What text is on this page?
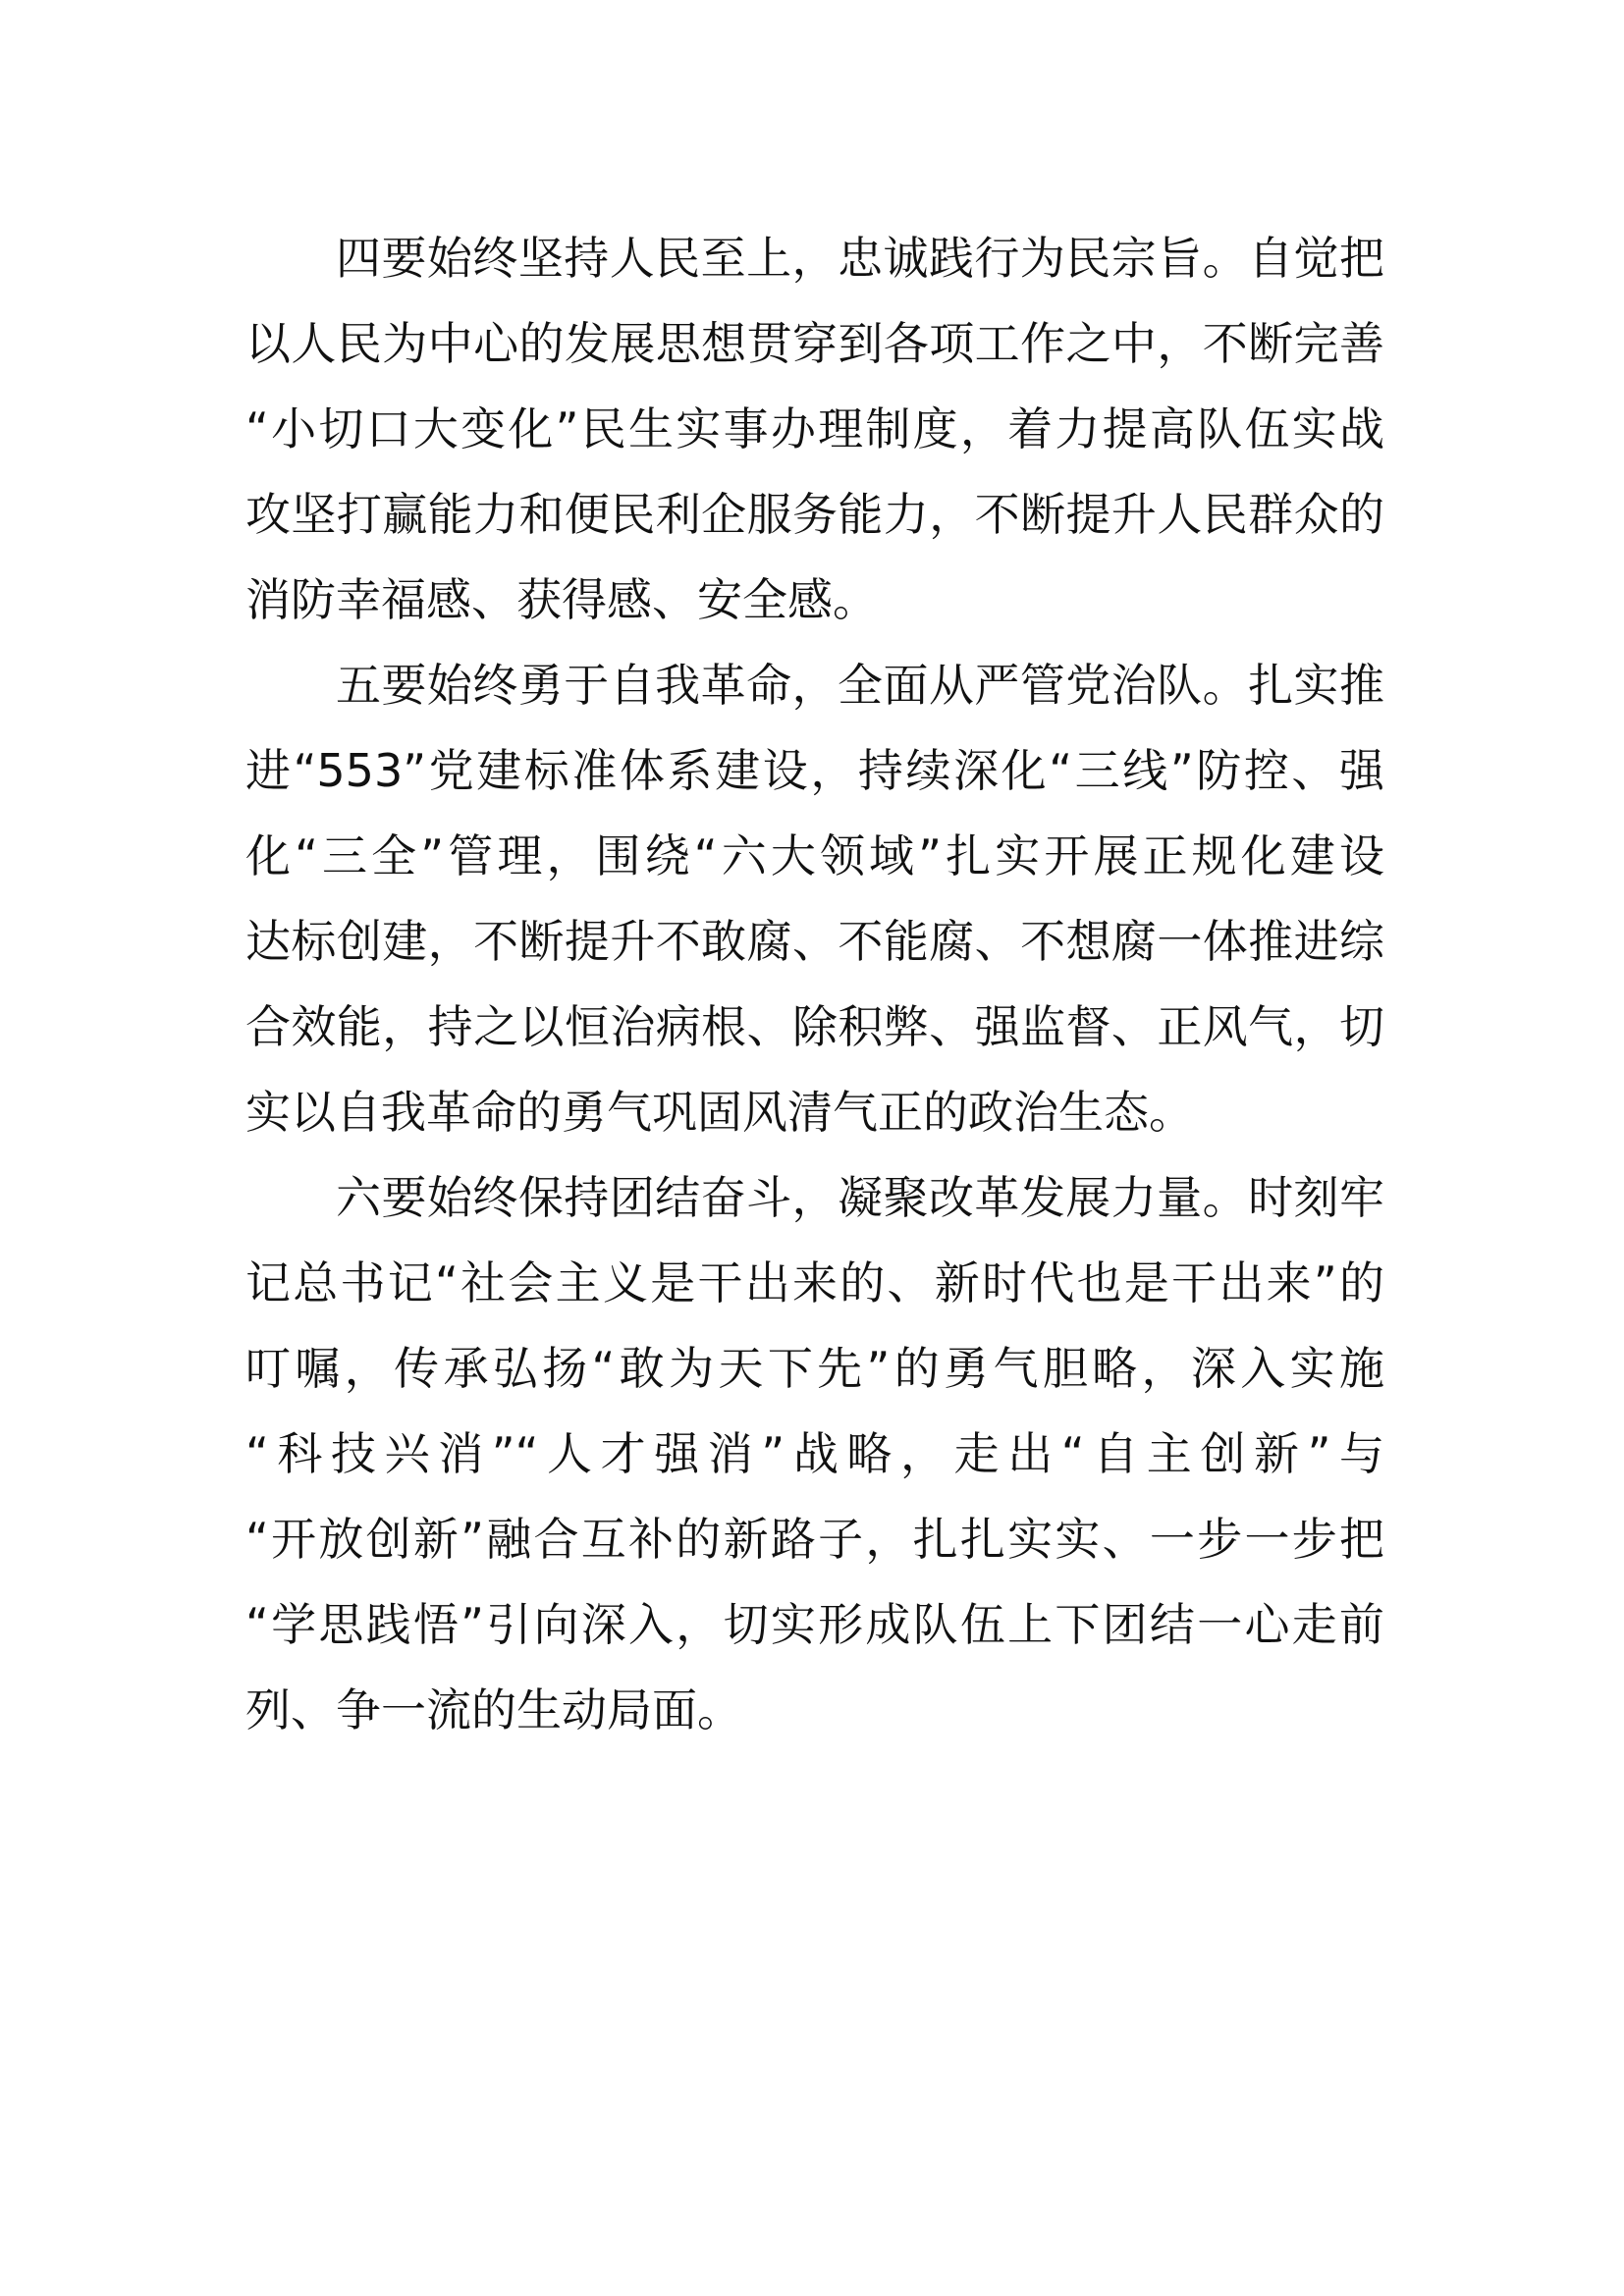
四要始终坚持人民至上，忠诚践行为民宗旨。自觉把
以人民为中心的发展思想贯穿到各项工作之中，不断完善
“小切口大变化”民生实事办理制度，着力提高队伍实战
攻坚打赢能力和便民利企服务能力，不断提升人民群众的
消防幸福感、获得感、安全感。
五要始终勇于自我革命，全面从严管党治队。扎实推
进“553”党建标准体系建设，持续深化“三线”防控、强
化“三全”管理，围绕“六大领域”扎实开展正规化建设
达标创建，不断提升不敢腐、不能腐、不想腐一体推进综
合效能，持之以恒治病根、除积弊、强监督、正风气，切
实以自我革命的勇气巩固风清气正的政治生态。
六要始终保持团结奋斗，凝聚改革发展力量。时刻牢
记总书记“社会主义是干出来的、新时代也是干出来”的
叮嘱，传承弘扬“敢为天下先”的勇气胆略，深入实施
“科技兴消”“人才强消”战略，走出“自主创新”与
“开放创新”融合互补的新路子，扎扎实实、一步一步把
“学思践悟”引向深入，切实形成队伍上下团结一心走前
列、争一流的生动局面。
